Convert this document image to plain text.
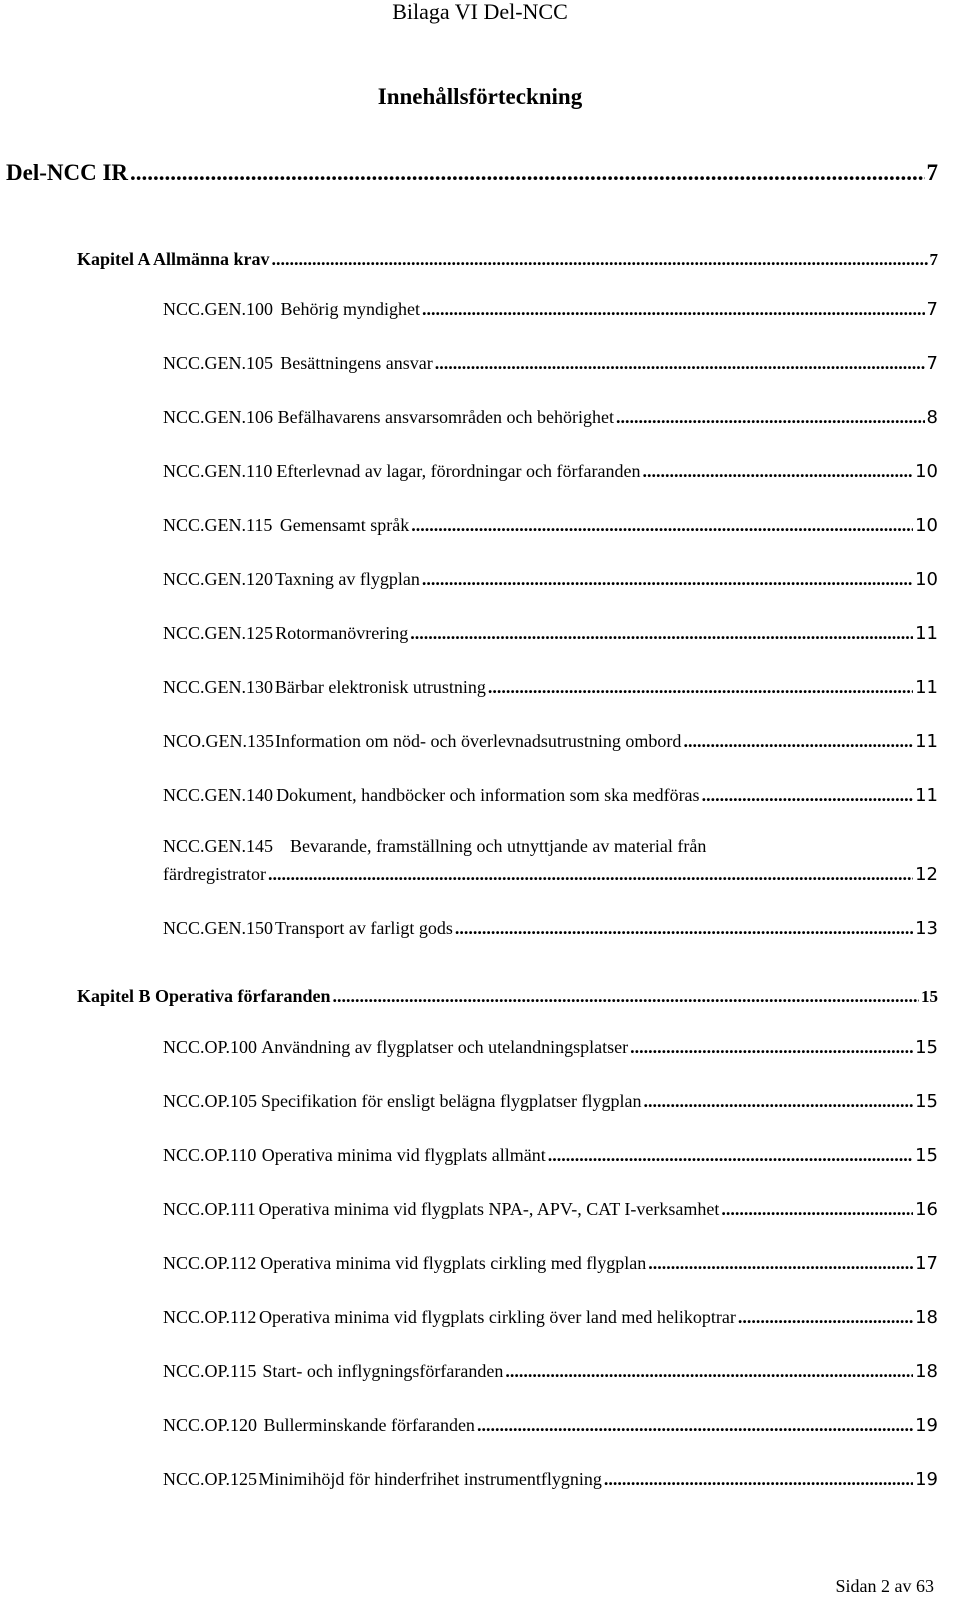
Bilaga VI Del-NCC
Innehållsförteckning
Del-NCC IR .....	7
Kapitel A Allmänna krav .....	7
NCC.GEN.100 Behörig myndighet .....	7
NCC.GEN.105 Besättningens ansvar .....	7
NCC.GEN.106 Befälhavarens ansvarsområden och behörighet .....	8
NCC.GEN.110 Efterlevnad av lagar, förordningar och förfaranden .....	10
NCC.GEN.115 Gemensamt språk .....	10
NCC.GEN.120 Taxning av flygplan .....	10
NCC.GEN.125 Rotormanövrering .....	11
NCC.GEN.130 Bärbar elektronisk utrustning .....	11
NCO.GEN.135 Information om nöd- och överlevnadsutrustning ombord .....	11
NCC.GEN.140 Dokument, handböcker och information som ska medföras .....	11
NCC.GEN.145 Bevarande, framställning och utnyttjande av material från
färdregistrator .....	12
NCC.GEN.150 Transport av farligt gods .....	13
Kapitel B Operativa förfaranden .....	15
NCC.OP.100 Användning av flygplatser och utelandningsplatser .....	15
NCC.OP.105 Specifikation för ensligt belägna flygplatser flygplan .....	15
NCC.OP.110 Operativa minima vid flygplats allmänt .....	15
NCC.OP.111 Operativa minima vid flygplats NPA-, APV-, CAT I-verksamhet .....	16
NCC.OP.112 Operativa minima vid flygplats cirkling med flygplan .....	17
NCC.OP.112 Operativa minima vid flygplats cirkling över land med helikoptrar .....	18
NCC.OP.115 Start- och inflygningsförfaranden .....	18
NCC.OP.120 Bullerminskande förfaranden .....	19
NCC.OP.125 Minimihöjd för hinderfrihet instrumentflygning .....	19
Sidan 2 av 63
